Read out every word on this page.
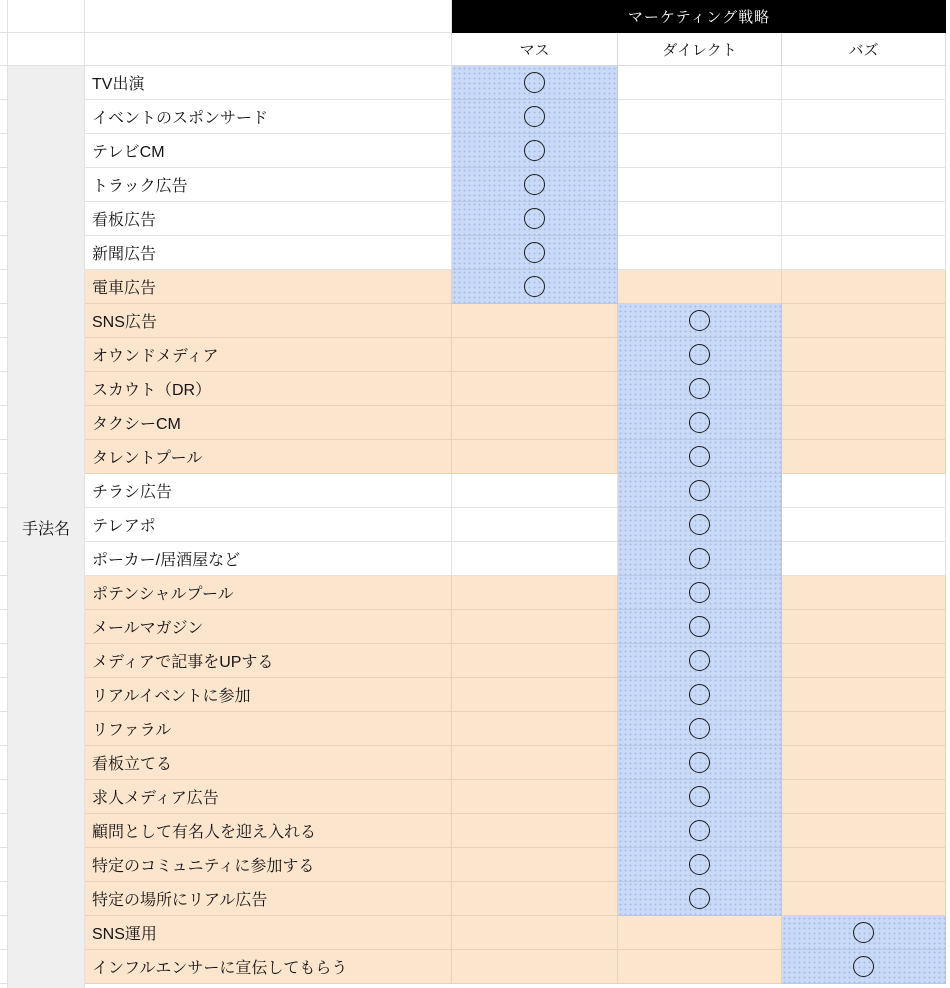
マーケティング戦略
マス	ダイレクト	バズ
手法名
TV出演
イベントのスポンサード
テレビCM
トラック広告
看板広告
新聞広告
電車広告
SNS広告
オウンドメディア
スカウト（DR）
タクシーCM
タレントプール
チラシ広告
テレアポ
ポーカー/居酒屋など
ポテンシャルプール
メールマガジン
メディアで記事をUPする
リアルイベントに参加
リファラル
看板立てる
求人メディア広告
顧問として有名人を迎え入れる
特定のコミュニティに参加する
特定の場所にリアル広告
SNS運用
インフルエンサーに宣伝してもらう
